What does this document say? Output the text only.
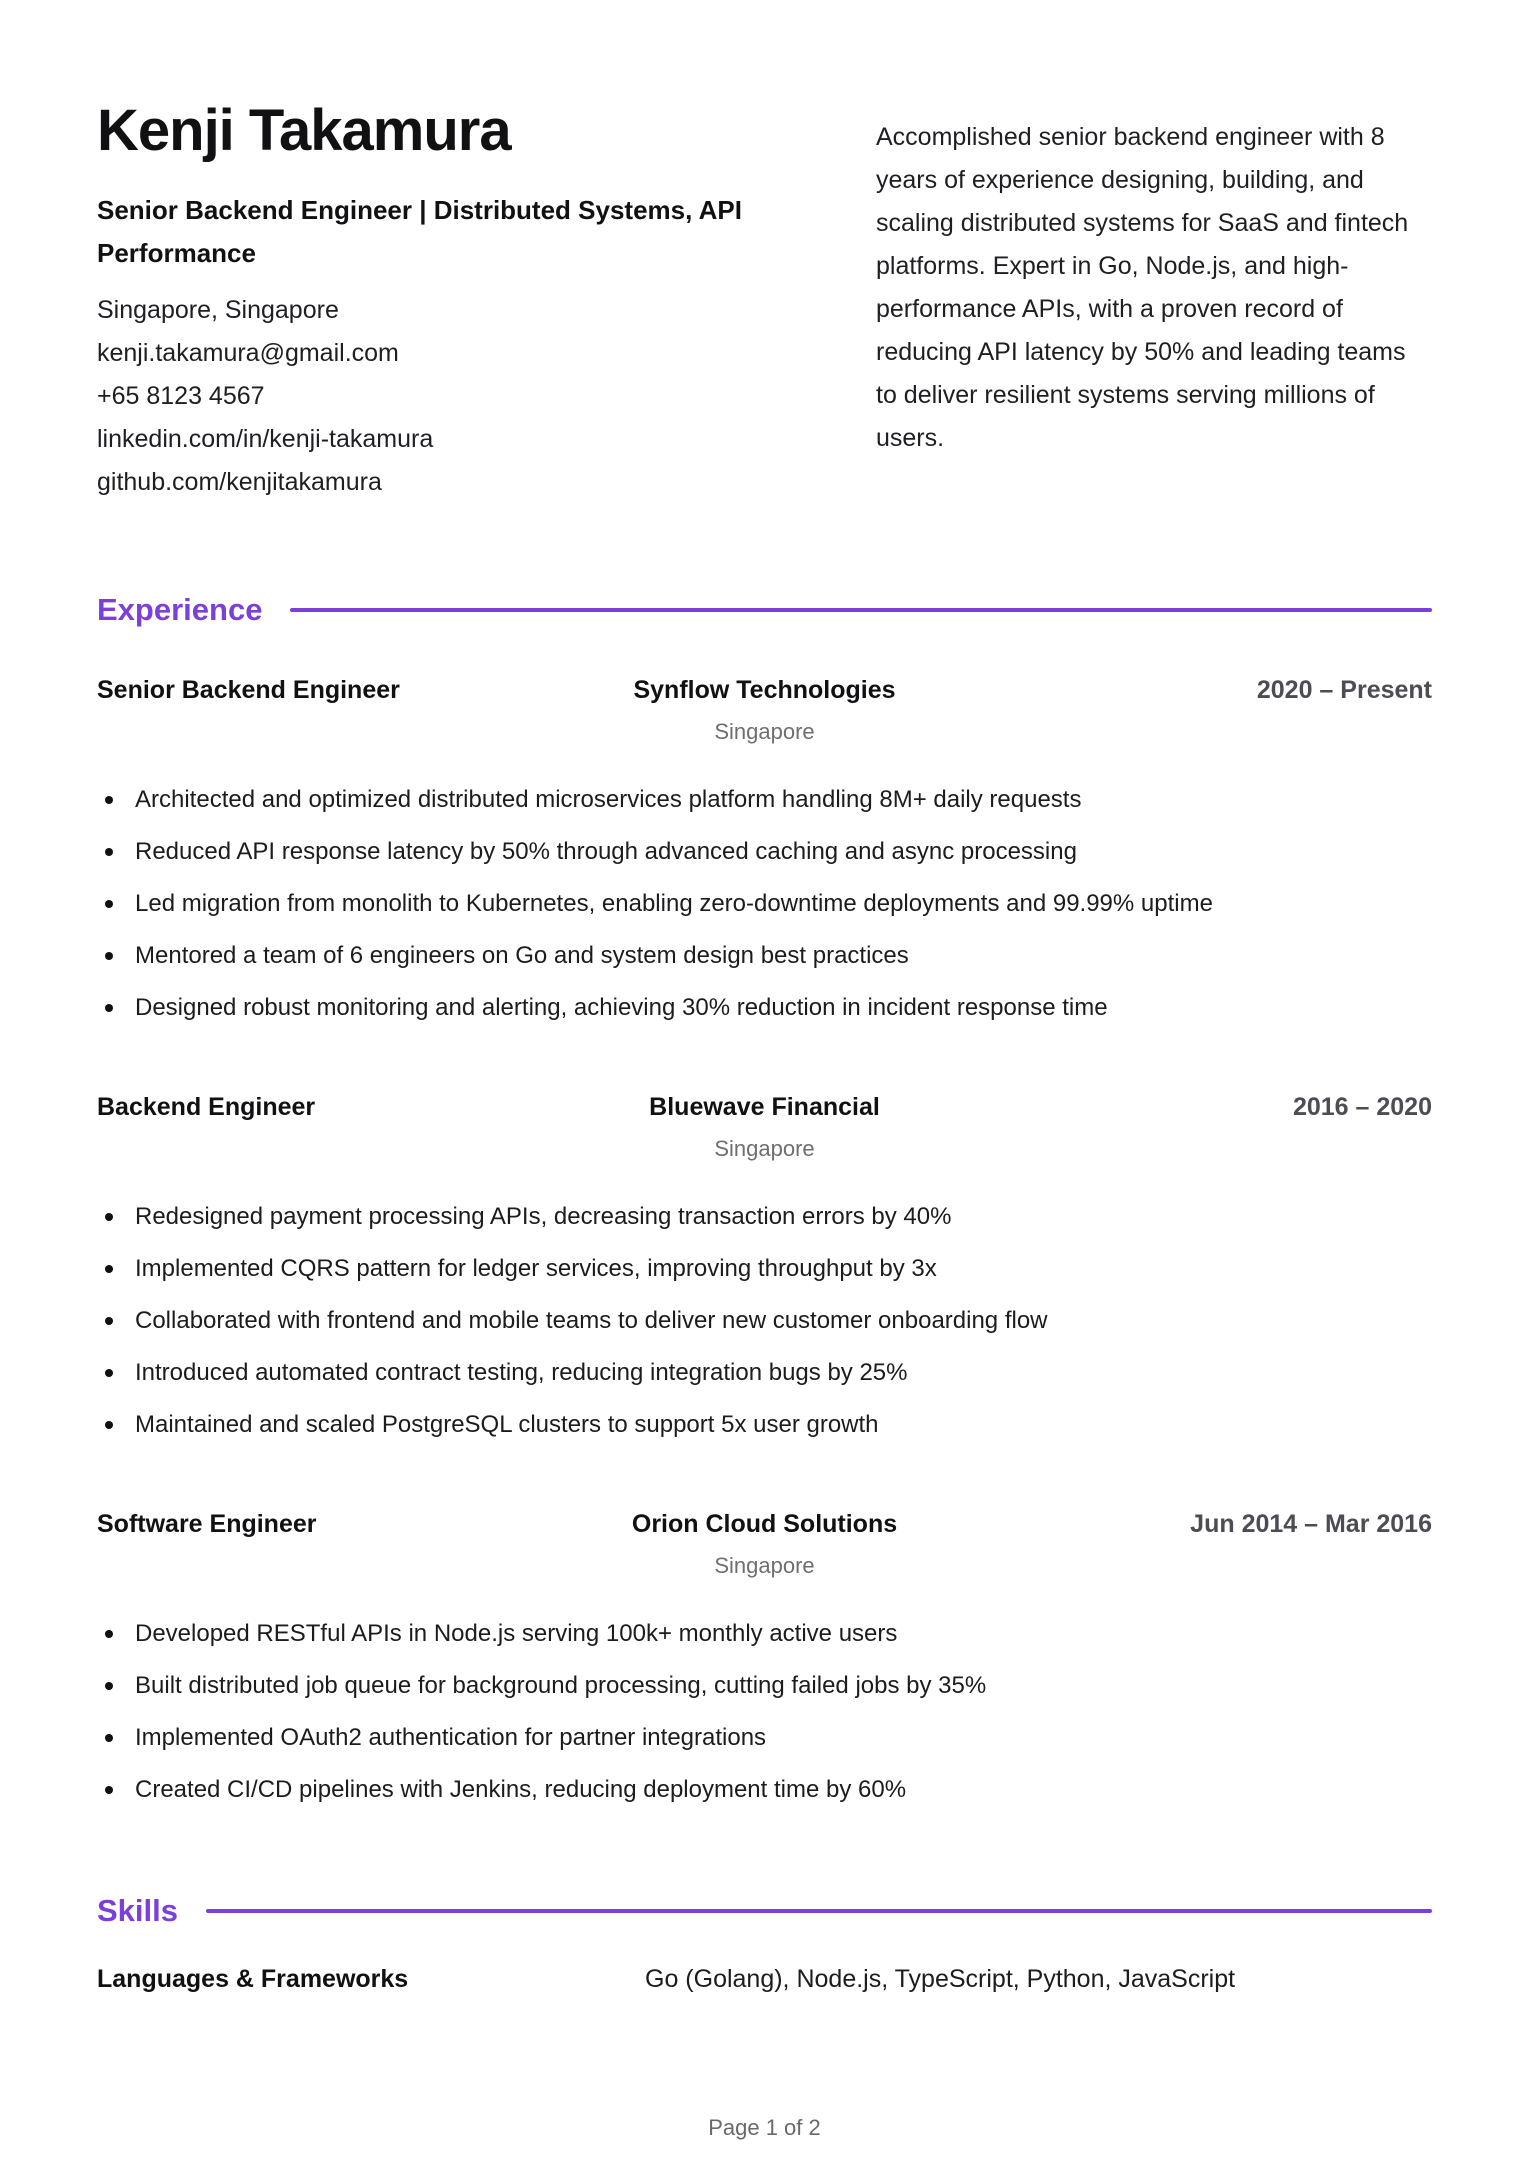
Kenji Takamura
Senior Backend Engineer | Distributed Systems, API Performance
Singapore, Singapore
kenji.takamura@gmail.com
+65 8123 4567
linkedin.com/in/kenji-takamura
github.com/kenjitakamura
Accomplished senior backend engineer with 8 years of experience designing, building, and scaling distributed systems for SaaS and fintech platforms. Expert in Go, Node.js, and high-performance APIs, with a proven record of reducing API latency by 50% and leading teams to deliver resilient systems serving millions of users.
Experience
Senior Backend Engineer	Synflow Technologies	2020 – Present
Singapore
Architected and optimized distributed microservices platform handling 8M+ daily requests
Reduced API response latency by 50% through advanced caching and async processing
Led migration from monolith to Kubernetes, enabling zero-downtime deployments and 99.99% uptime
Mentored a team of 6 engineers on Go and system design best practices
Designed robust monitoring and alerting, achieving 30% reduction in incident response time
Backend Engineer	Bluewave Financial	2016 – 2020
Singapore
Redesigned payment processing APIs, decreasing transaction errors by 40%
Implemented CQRS pattern for ledger services, improving throughput by 3x
Collaborated with frontend and mobile teams to deliver new customer onboarding flow
Introduced automated contract testing, reducing integration bugs by 25%
Maintained and scaled PostgreSQL clusters to support 5x user growth
Software Engineer	Orion Cloud Solutions	Jun 2014 – Mar 2016
Singapore
Developed RESTful APIs in Node.js serving 100k+ monthly active users
Built distributed job queue for background processing, cutting failed jobs by 35%
Implemented OAuth2 authentication for partner integrations
Created CI/CD pipelines with Jenkins, reducing deployment time by 60%
Skills
Languages & Frameworks	Go (Golang), Node.js, TypeScript, Python, JavaScript
Page 1 of 2
